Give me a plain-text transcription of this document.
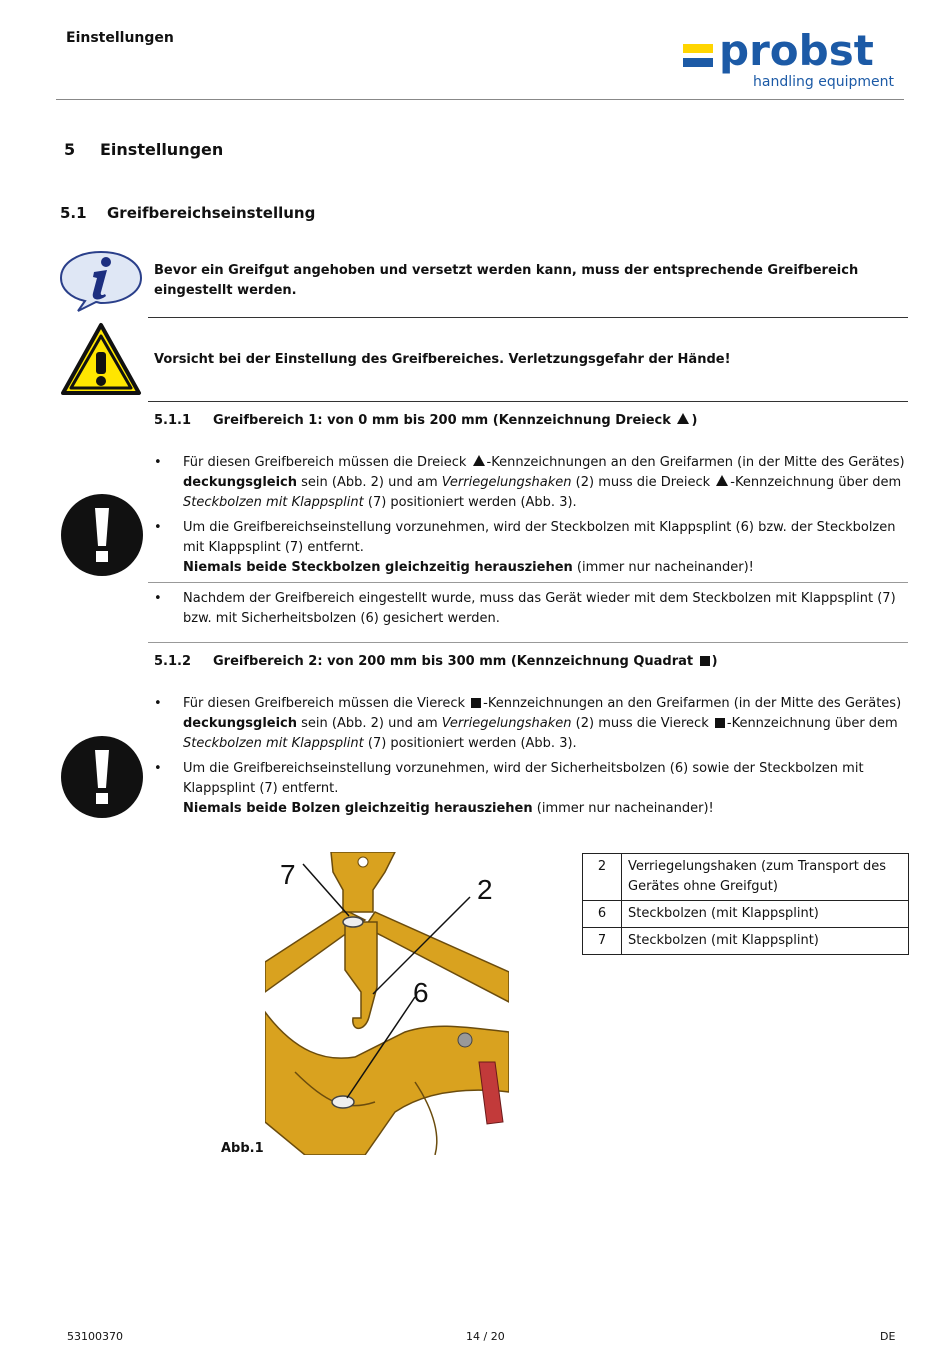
Einstellungen	probst
handling equipment
5 Einstellungen
5.1 Greifbereichseinstellung
Bevor ein Greifgut angehoben und versetzt werden kann, muss der entsprechende Greifbereich eingestellt werden.
Vorsicht bei der Einstellung des Greifbereiches. Verletzungsgefahr der Hände!
5.1.1 Greifbereich 1: von 0 mm bis 200 mm (Kennzeichnung Dreieck )
• Für diesen Greifbereich müssen die Dreieck -Kennzeichnungen an den Greifarmen (in der Mitte des Gerätes) deckungsgleich sein (Abb. 2) und am Verriegelungshaken (2) muss die Dreieck -Kennzeichnung über dem Steckbolzen mit Klappsplint (7) positioniert werden (Abb. 3).
• Um die Greifbereichseinstellung vorzunehmen, wird der Steckbolzen mit Klappsplint (6) bzw. der Steckbolzen mit Klappsplint (7) entfernt.
Niemals beide Steckbolzen gleichzeitig herausziehen (immer nur nacheinander)!
• Nachdem der Greifbereich eingestellt wurde, muss das Gerät wieder mit dem Steckbolzen mit Klappsplint (7) bzw. mit Sicherheitsbolzen (6) gesichert werden.
5.1.2 Greifbereich 2: von 200 mm bis 300 mm (Kennzeichnung Quadrat )
• Für diesen Greifbereich müssen die Viereck -Kennzeichnungen an den Greifarmen (in der Mitte des Gerätes) deckungsgleich sein (Abb. 2) und am Verriegelungshaken (2) muss die Viereck -Kennzeichnung über dem Steckbolzen mit Klappsplint (7) positioniert werden (Abb. 3).
• Um die Greifbereichseinstellung vorzunehmen, wird der Sicherheitsbolzen (6) sowie der Steckbolzen mit Klappsplint (7) entfernt.
Niemals beide Bolzen gleichzeitig herausziehen (immer nur nacheinander)!
7	2
6
Abb.1
2	Verriegelungshaken (zum Transport des Gerätes ohne Greifgut)
6	Steckbolzen (mit Klappsplint)
7	Steckbolzen (mit Klappsplint)
53100370	14 / 20	DE
